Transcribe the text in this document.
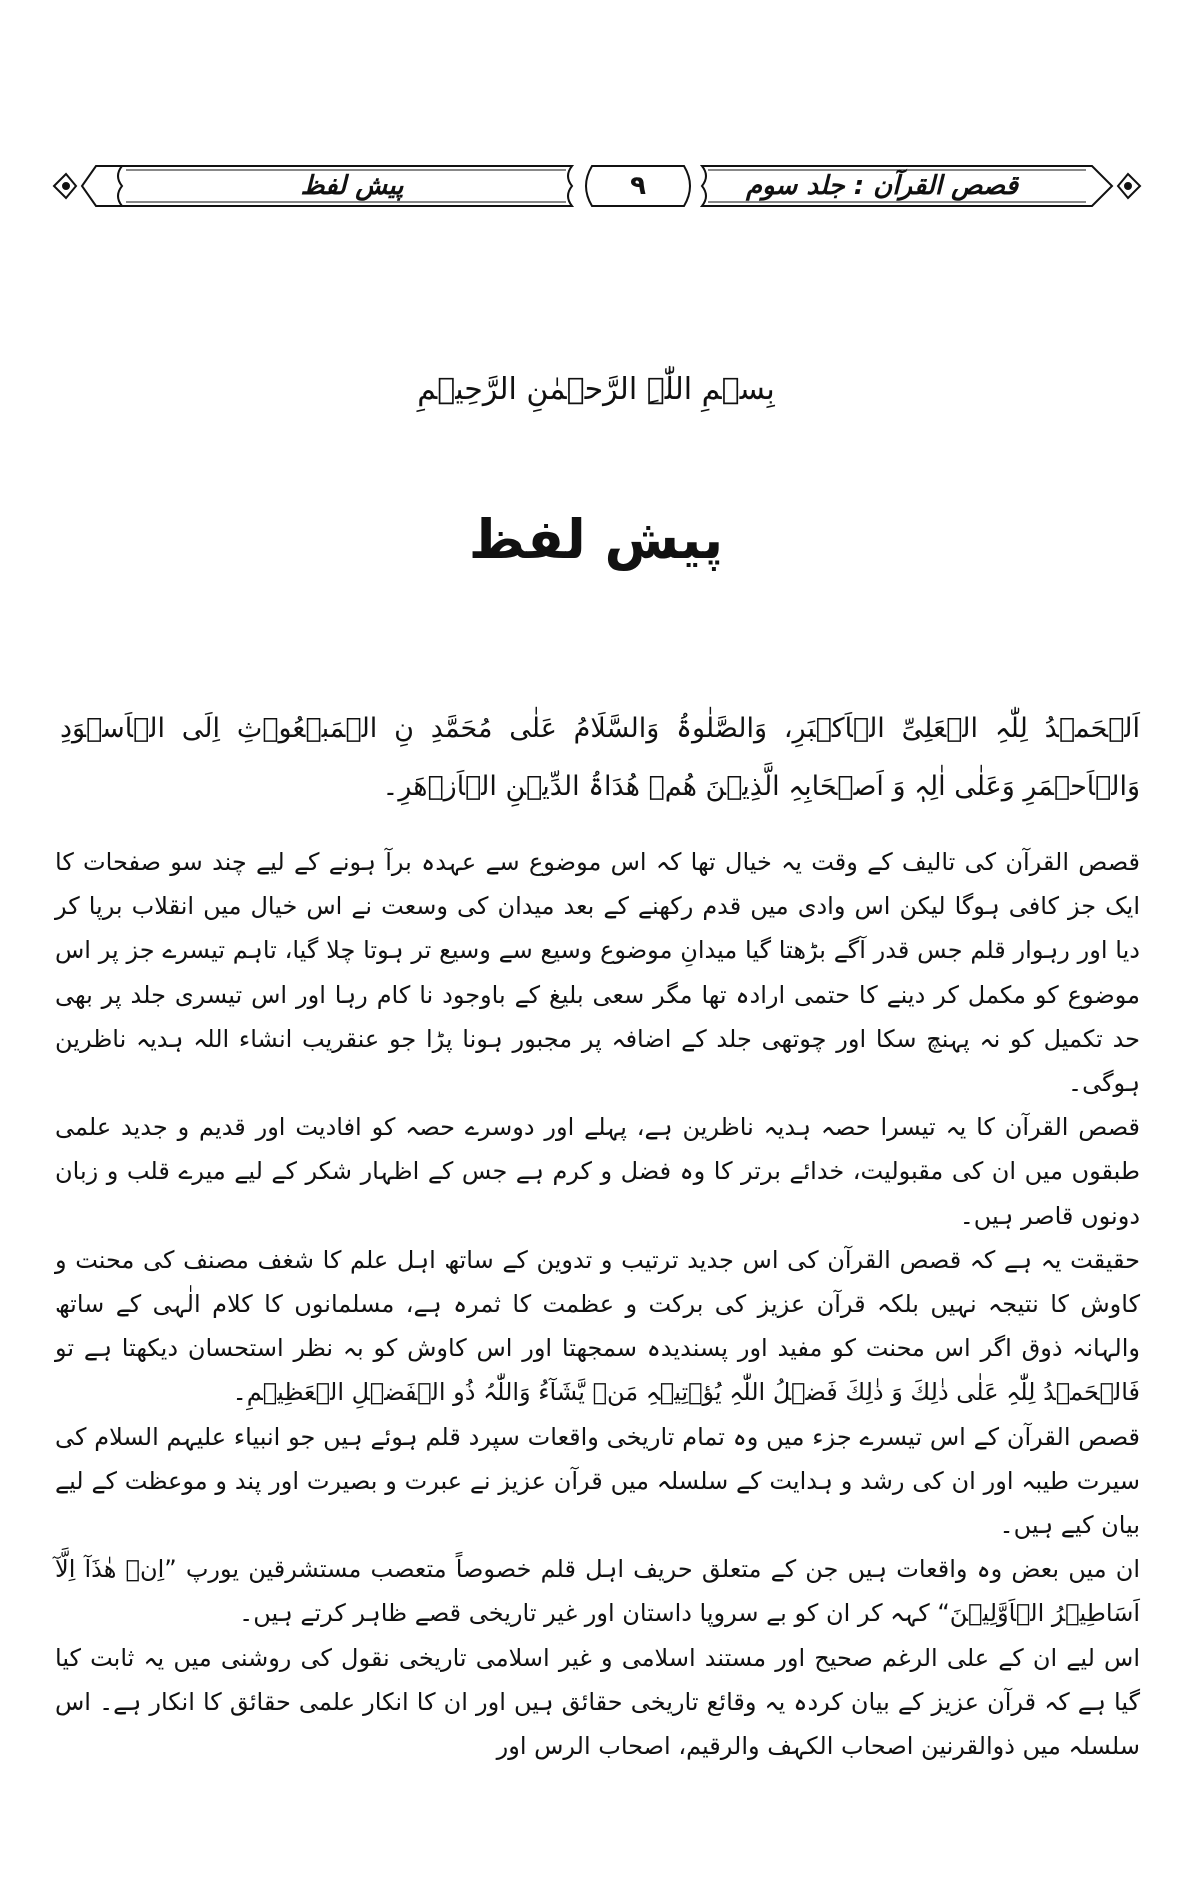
قصص القرآن : جلد سوم
۹
پیش لفظ
بِسۡمِ اللّٰہِ الرَّحۡمٰنِ الرَّحِیۡمِ
پیش لفظ
اَلۡحَمۡدُ لِلّٰہِ الۡعَلِیِّ الۡاَکۡبَرِ، وَالصَّلٰوۃُ وَالسَّلَامُ عَلٰی مُحَمَّدِ نِ الۡمَبۡعُوۡثِ اِلَی الۡاَسۡوَدِ وَالۡاَحۡمَرِ وَعَلٰی اٰلِہٖ وَ اَصۡحَابِہِ الَّذِیۡنَ ھُمۡ ھُدَاۃُ الدِّیۡنِ الۡاَزۡھَرِ۔

قصص القرآن کی تالیف کے وقت یہ خیال تھا کہ اس موضوع سے عہدہ برآ ہونے کے لیے چند سو صفحات کا ایک جز کافی ہوگا لیکن اس وادی میں قدم رکھنے کے بعد میدان کی وسعت نے اس خیال میں انقلاب برپا کر دیا اور رہوار قلم جس قدر آگے بڑھتا گیا میدانِ موضوع وسیع سے وسیع تر ہوتا چلا گیا، تاہم تیسرے جز پر اس موضوع کو مکمل کر دینے کا حتمی ارادہ تھا مگر سعی بلیغ کے باوجود نا کام رہا اور اس تیسری جلد پر بھی حد تکمیل کو نہ پہنچ سکا اور چوتھی جلد کے اضافہ پر مجبور ہونا پڑا جو عنقریب انشاء اللہ ہدیہ ناظرین ہوگی۔

قصص القرآن کا یہ تیسرا حصہ ہدیہ ناظرین ہے، پہلے اور دوسرے حصہ کو افادیت اور قدیم و جدید علمی طبقوں میں ان کی مقبولیت، خدائے برتر کا وہ فضل و کرم ہے جس کے اظہار شکر کے لیے میرے قلب و زبان دونوں قاصر ہیں۔

حقیقت یہ ہے کہ قصص القرآن کی اس جدید ترتیب و تدوین کے ساتھ اہل علم کا شغف مصنف کی محنت و کاوش کا نتیجہ نہیں بلکہ قرآن عزیز کی برکت و عظمت کا ثمرہ ہے، مسلمانوں کا کلام الٰہی کے ساتھ والہانہ ذوق اگر اس محنت کو مفید اور پسندیدہ سمجھتا اور اس کاوش کو بہ نظر استحسان دیکھتا ہے تو فَالۡحَمۡدُ لِلّٰہِ عَلٰی ذٰلِكَ وَ ذٰلِكَ فَضۡلُ اللّٰہِ یُؤۡتِیۡہِ مَنۡ یَّشَآءُ وَاللّٰہُ ذُو الۡفَضۡلِ الۡعَظِیۡمِ۔

قصص القرآن کے اس تیسرے جزء میں وہ تمام تاریخی واقعات سپرد قلم ہوئے ہیں جو انبیاء علیہم السلام کی سیرت طیبہ اور ان کی رشد و ہدایت کے سلسلہ میں قرآن عزیز نے عبرت و بصیرت اور پند و موعظت کے لیے بیان کیے ہیں۔

ان میں بعض وہ واقعات ہیں جن کے متعلق حریف اہل قلم خصوصاً متعصب مستشرقین یورپ ”اِنۡ ھٰذَآ اِلَّآ اَسَاطِیۡرُ الۡاَوَّلِیۡنَ“ کہہ کر ان کو بے سروپا داستان اور غیر تاریخی قصے ظاہر کرتے ہیں۔

اس لیے ان کے علی الرغم صحیح اور مستند اسلامی و غیر اسلامی تاریخی نقول کی روشنی میں یہ ثابت کیا گیا ہے کہ قرآن عزیز کے بیان کردہ یہ وقائع تاریخی حقائق ہیں اور ان کا انکار علمی حقائق کا انکار ہے۔ اس سلسلہ میں ذوالقرنین اصحاب الکہف والرقیم، اصحاب الرس اور
